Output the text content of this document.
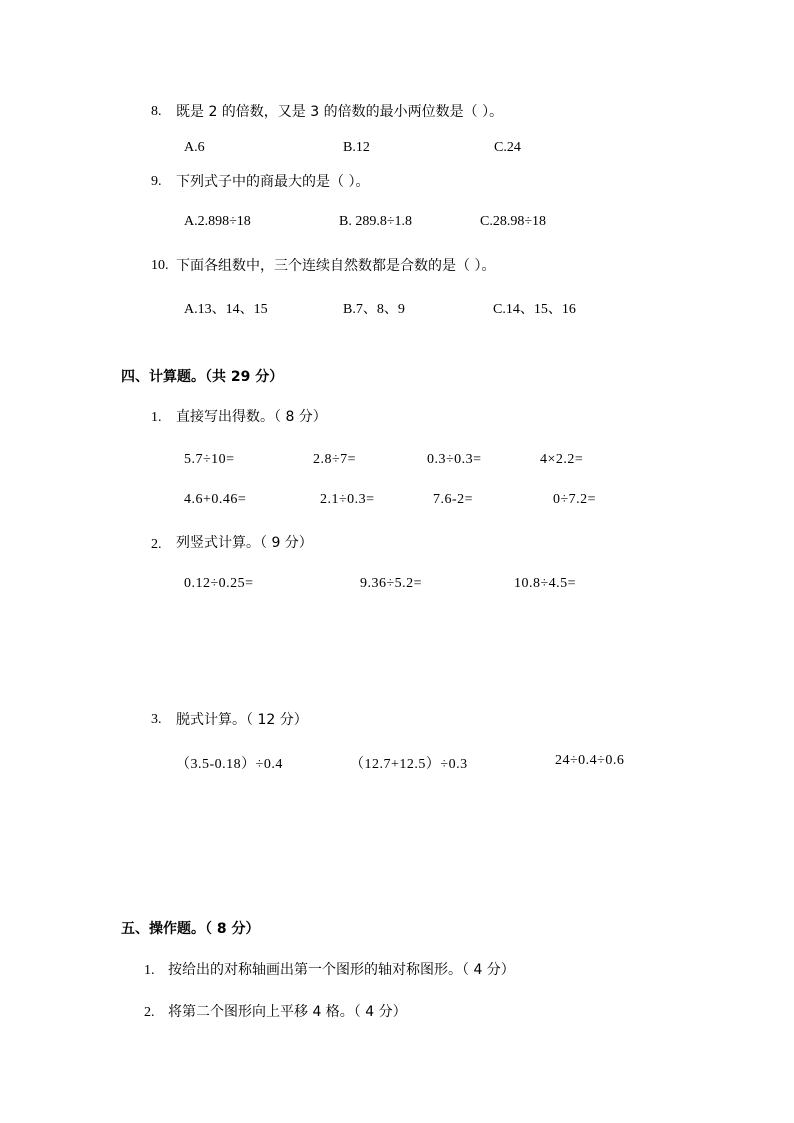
8. 既是 2 的倍数，又是 3 的倍数的最小两位数是（ ）。
A.6	B.12	C.24
9. 下列式子中的商最大的是（ ）。
A.2.898÷18	B. 289.8÷1.8	C.28.98÷18
10. 下面各组数中，三个连续自然数都是合数的是（ ）。
A.13、14、15	B.7、8、9	C.14、15、16
四、计算题。（共 29 分）
1. 直接写出得数。（ 8 分）
5.7÷10=	2.8÷7=	0.3÷0.3=	4×2.2=
4.6+0.46=	2.1÷0.3=	7.6-2=	0÷7.2=
2. 列竖式计算。（ 9 分）
0.12÷0.25=	9.36÷5.2=	10.8÷4.5=
3. 脱式计算。（ 12 分）
（3.5-0.18）÷0.4	（12.7+12.5）÷0.3	24÷0.4÷0.6
五、操作题。（ 8 分）
1. 按给出的对称轴画出第一个图形的轴对称图形。（ 4 分）
2. 将第二个图形向上平移 4 格。（ 4 分）
